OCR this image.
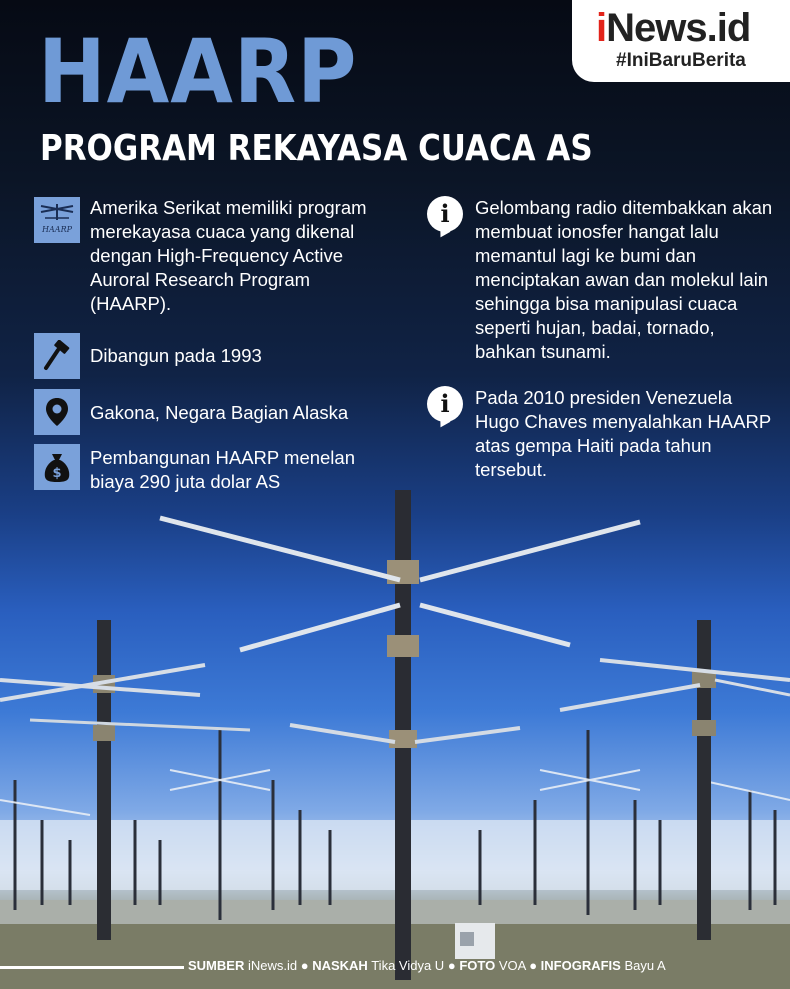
iNews.id
#IniBaruBerita
HAARP
PROGRAM REKAYASA CUACA AS
HAARP
Amerika Serikat memiliki program merekayasa cuaca yang dikenal dengan High-Frequency Active Auroral Research Program (HAARP).
Dibangun pada 1993
Gakona, Negara Bagian Alaska
$
Pembangunan HAARP menelan biaya 290 juta dolar AS
i Gelombang radio ditembakkan akan membuat ionosfer hangat lalu memantul lagi ke bumi dan menciptakan awan dan molekul lain sehingga bisa manipulasi cuaca seperti hujan, badai, tornado, bahkan tsunami.
i Pada 2010 presiden Venezuela Hugo Chaves menyalahkan HAARP atas gempa Haiti pada tahun tersebut.
SUMBER iNews.id ● NASKAH Tika Vidya U ● FOTO VOA ● INFOGRAFIS Bayu A
